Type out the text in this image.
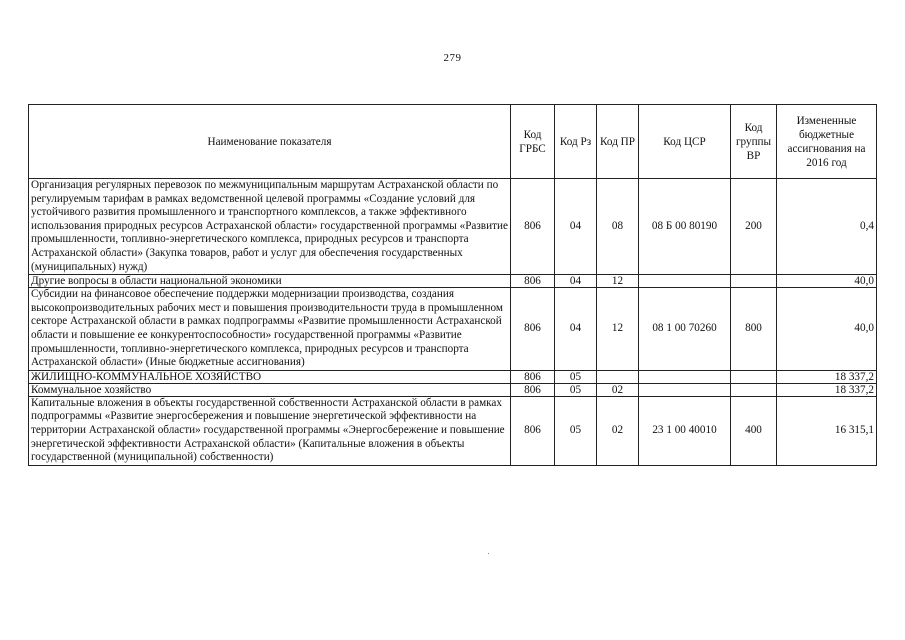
279
Наименование показателя	Код ГРБС	Код Рз	Код ПР	Код ЦСР	Код группы ВР	Измененные бюджетные ассигнования на 2016 год
Организация регулярных перевозок по межмуниципальным маршрутам Астраханской области по регулируемым тарифам в рамках ведомственной целевой программы «Создание условий для устойчивого развития промышленного и транспортного комплексов, а также эффективного использования природных ресурсов Астраханской области» государственной программы «Развитие промышленности, топливно-энергетического комплекса, природных ресурсов и транспорта Астраханской области» (Закупка товаров, работ и услуг для обеспечения государственных (муниципальных) нужд)	806	04	08	08 Б 00 80190	200	0,4
Другие вопросы в области национальной экономики	806	04	12			40,0
Субсидии на финансовое обеспечение поддержки модернизации производства, создания высокопроизводительных рабочих мест и повышения производительности труда в промышленном секторе Астраханской области в рамках подпрограммы «Развитие промышленности Астраханской области и повышение ее конкурентоспособности» государственной программы «Развитие промышленности, топливно-энергетического комплекса, природных ресурсов и транспорта Астраханской области» (Иные бюджетные ассигнования)	806	04	12	08 1 00 70260	800	40,0
ЖИЛИЩНО-КОММУНАЛЬНОЕ ХОЗЯЙСТВО	806	05				18 337,2
Коммунальное хозяйство	806	05	02			18 337,2
Капитальные вложения в объекты государственной собственности Астраханской области в рамках подпрограммы «Развитие энергосбережения и повышение энергетической эффективности на территории Астраханской области» государственной программы «Энергосбережение и повышение энергетической эффективности Астраханской области» (Капитальные вложения в объекты государственной (муниципальной) собственности)	806	05	02	23 1 00 40010	400	16 315,1
